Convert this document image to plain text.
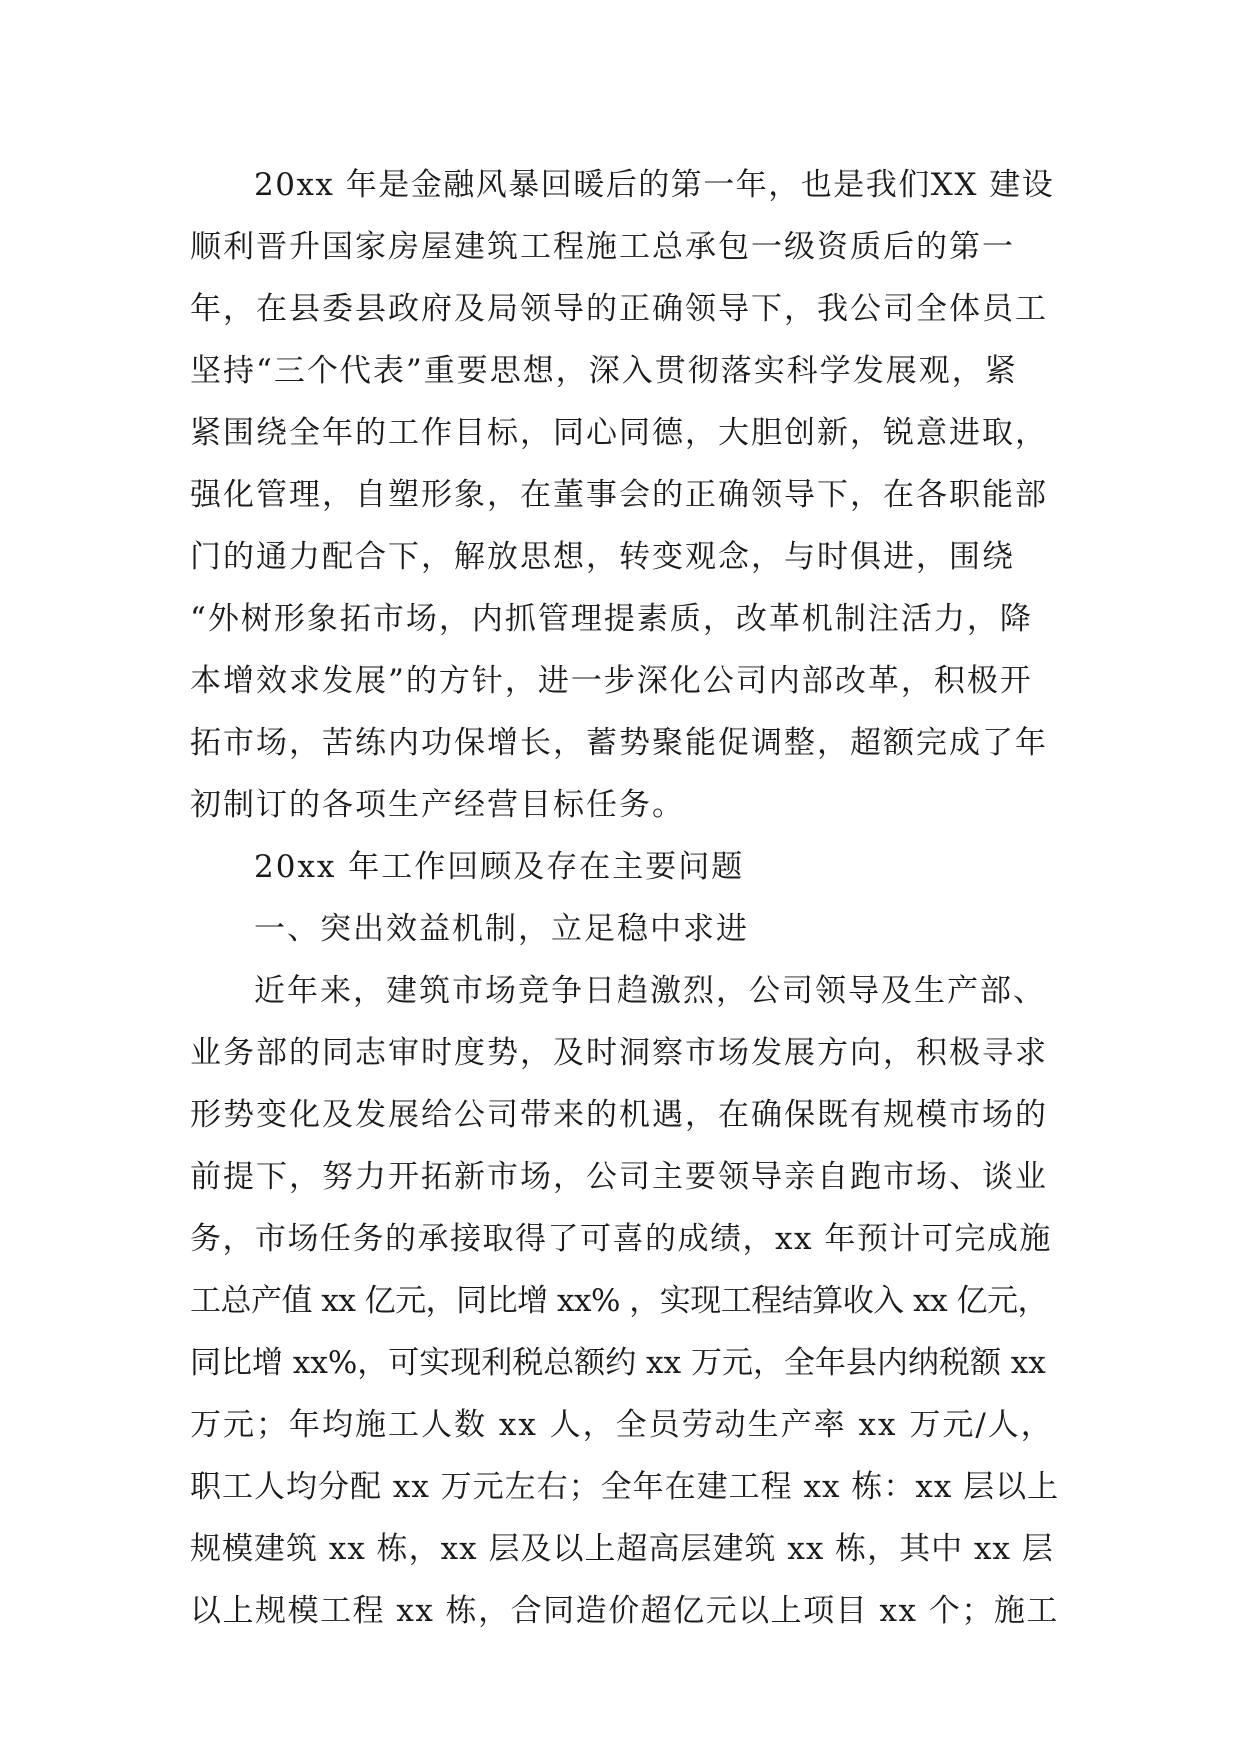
20xx 年是金融风暴回暖后的第一年，也是我们XX 建设
顺利晋升国家房屋建筑工程施工总承包一级资质后的第一
年，在县委县政府及局领导的正确领导下，我公司全体员工
坚持“三个代表”重要思想，深入贯彻落实科学发展观，紧
紧围绕全年的工作目标，同心同德，大胆创新，锐意进取，
强化管理，自塑形象，在董事会的正确领导下，在各职能部
门的通力配合下，解放思想，转变观念，与时俱进，围绕
“外树形象拓市场，内抓管理提素质，改革机制注活力，降
本增效求发展”的方针，进一步深化公司内部改革，积极开
拓市场，苦练内功保增长，蓄势聚能促调整，超额完成了年
初制订的各项生产经营目标任务。
20xx 年工作回顾及存在主要问题
一、突出效益机制，立足稳中求进
近年来，建筑市场竞争日趋激烈，公司领导及生产部、
业务部的同志审时度势，及时洞察市场发展方向，积极寻求
形势变化及发展给公司带来的机遇，在确保既有规模市场的
前提下，努力开拓新市场，公司主要领导亲自跑市场、谈业
务，市场任务的承接取得了可喜的成绩，xx 年预计可完成施
工总产值 xx 亿元，同比增 xx% ，实现工程结算收入 xx 亿元，
同比增 xx%，可实现利税总额约 xx 万元，全年县内纳税额 xx
万元；年均施工人数 xx 人，全员劳动生产率 xx 万元/人，
职工人均分配 xx 万元左右；全年在建工程 xx 栋：xx 层以上
规模建筑 xx 栋，xx 层及以上超高层建筑 xx 栋，其中 xx 层
以上规模工程 xx 栋，合同造价超亿元以上项目 xx 个；施工
